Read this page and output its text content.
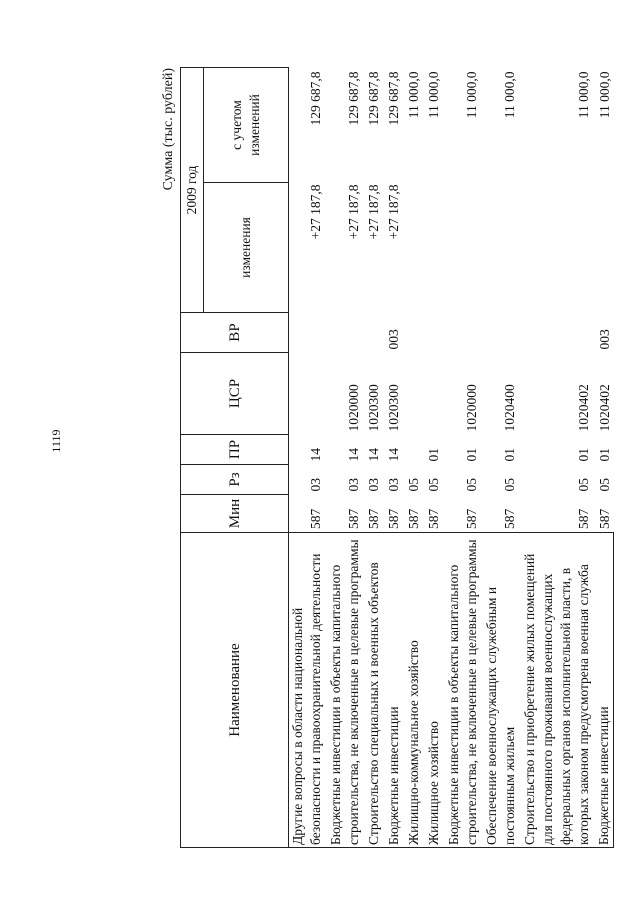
1119
Сумма (тыс. рублей)
Наименование	Мин	Рз	ПР	ЦСР	ВР	2009 год	
						изменения	с учетом изменений

Другие вопросы в области национальной безопасности и правоохранительной деятельности	587	03	14			+27 187,8	129 687,8
Бюджетные инвестиции в объекты капитального строительства, не включенные в целевые программы	587	03	14	1020000		+27 187,8	129 687,8
Строительство специальных и военных объектов	587	03	14	1020300		+27 187,8	129 687,8
Бюджетные инвестиции	587	03	14	1020300	003	+27 187,8	129 687,8
Жилищно-коммунальное хозяйство	587	05					11 000,0
Жилищное хозяйство	587	05	01				11 000,0
Бюджетные инвестиции в объекты капитального строительства, не включенные в целевые программы	587	05	01	1020000			11 000,0
Обеспечение военнослужащих служебным и постоянным жильем	587	05	01	1020400			11 000,0
Строительство и приобретение жилых помещений для постоянного проживания военнослужащих федеральных органов исполнительной власти, в которых законом предусмотрена военная служба	587	05	01	1020402			11 000,0
Бюджетные инвестиции	587	05	01	1020402	003		11 000,0
